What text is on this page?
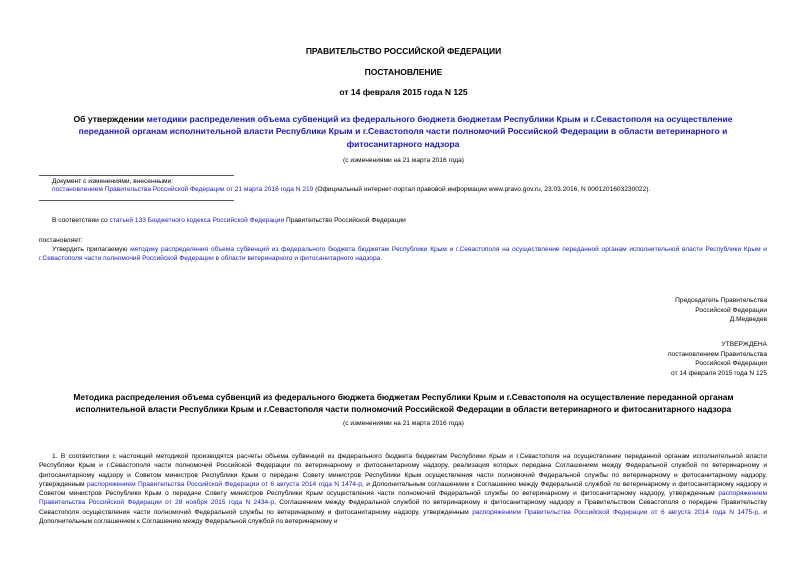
ПРАВИТЕЛЬСТВО РОССИЙСКОЙ ФЕДЕРАЦИИ
ПОСТАНОВЛЕНИЕ
от 14 февраля 2015 года N 125
Об утверждении методики распределения объема субвенций из федерального бюджета бюджетам Республики Крым и г.Севастополя на осуществление переданной органам исполнительной власти Республики Крым и г.Севастополя части полномочий Российской Федерации в области ветеринарного и фитосанитарного надзора
(с изменениями на 21 марта 2016 года)
Документ с изменениями, внесенными:
постановлением Правительства Российской Федерации от 21 марта 2016 года N 219 (Официальный интернет-портал правовой информации www.pravo.gov.ru, 23.03.2016, N 0001201603230022).
В соответствии со статьей 133 Бюджетного кодекса Российской Федерации Правительство Российской Федерации
постановляет:
Утвердить прилагаемую методику распределения объема субвенций из федерального бюджета бюджетам Республики Крым и г.Севастополя на осуществление переданной органам исполнительной власти Республики Крым и г.Севастополя части полномочий Российской Федерации в области ветеринарного и фитосанитарного надзора.
Председатель Правительства
Российской Федерации
Д.Медведев
УТВЕРЖДЕНА
постановлением Правительства
Российской Федерации
от 14 февраля 2015 года N 125
Методика распределения объема субвенций из федерального бюджета бюджетам Республики Крым и г.Севастополя на осуществление переданной органам исполнительной власти Республики Крым и г.Севастополя части полномочий Российской Федерации в области ветеринарного и фитосанитарного надзора
(с изменениями на 21 марта 2016 года)
1. В соответствии с настоящей методикой производятся расчеты объема субвенций из федерального бюджета бюджетам Республики Крым и г.Севастополя на осуществление переданной органам исполнительной власти Республики Крым и г.Севастополя части полномочий Российской Федерации по ветеринарному и фитосанитарному надзору, реализация которых передана Соглашением между Федеральной службой по ветеринарному и фитосанитарному надзору и Советом министров Республики Крым о передаче Совету министров Республики Крым осуществления части полномочий Федеральной службы по ветеринарному и фитосанитарному надзору, утвержденным распоряжением Правительства Российской Федерации от 6 августа 2014 года N 1474-р, и Дополнительным соглашением к Соглашению между Федеральной службой по ветеринарному и фитосанитарному надзору и Советом министров Республики Крым о передаче Совету министров Республики Крым осуществления части полномочий Федеральной службы по ветеринарному и фитосанитарному надзору, утвержденным распоряжением Правительства Российской Федерации от 28 ноября 2015 года N 2434-р, Соглашением между Федеральной службой по ветеринарному и фитосанитарному надзору и Правительством Севастополя о передаче Правительству Севастополя осуществления части полномочий Федеральной службы по ветеринарному и фитосанитарному надзору, утвержденным распоряжением Правительства Российской Федерации от 6 августа 2014 года N 1475-р, и Дополнительным соглашением к Соглашению между Федеральной службой по ветеринарному и
